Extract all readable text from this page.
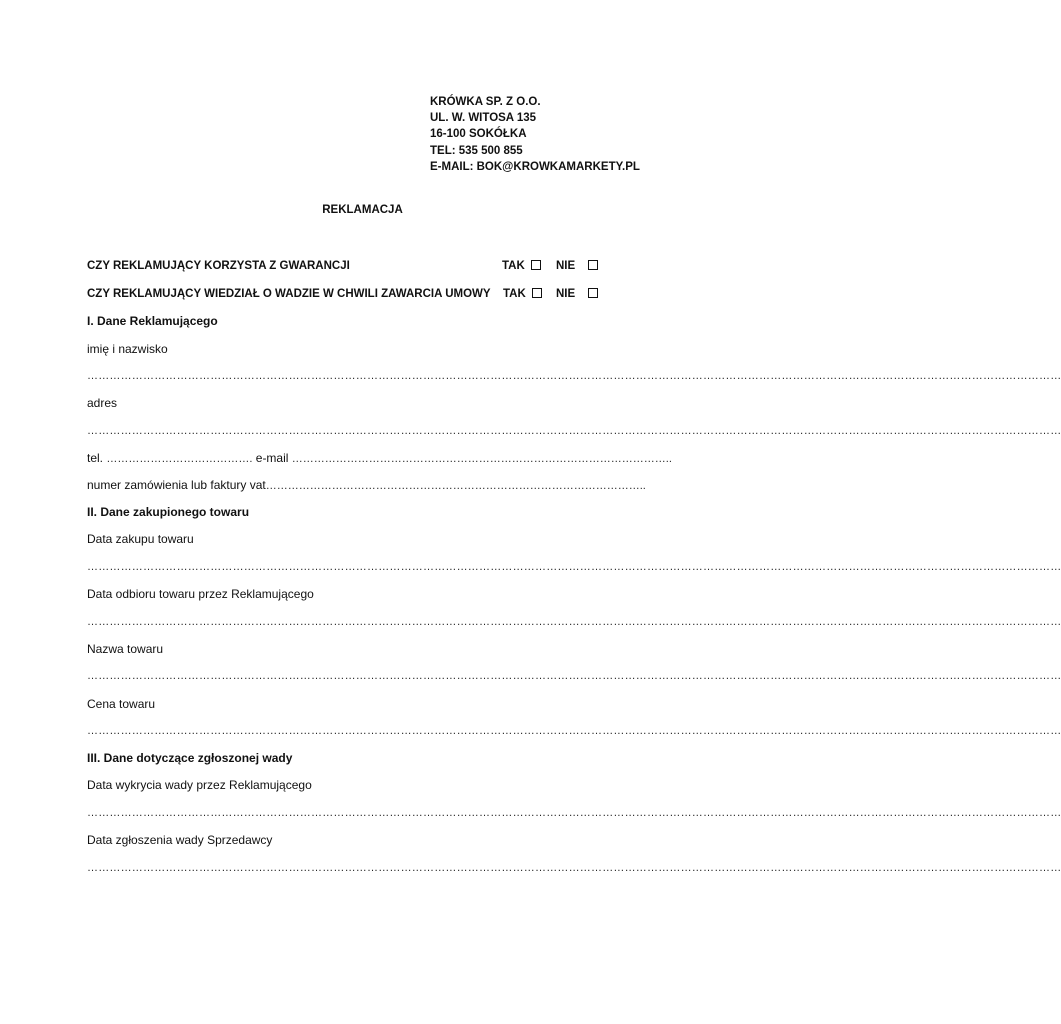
KRÓWKA SP. Z O.O.
UL. W. WITOSA 135
16-100 SOKÓŁKA
TEL: 535 500 855
E-MAIL: BOK@KROWKAMARKETY.PL
REKLAMACJA
CZY REKLAMUJĄCY KORZYSTA Z GWARANCJI	TAK	NIE
CZY REKLAMUJĄCY WIEDZIAŁ O WADZIE W CHWILI ZAWARCIA UMOWY TAK	NIE
I. Dane Reklamującego
imię i nazwisko
………………………………………………………………………………………………………………………………………………………………………………………………………………………………………
adres
………………………………………………………………………………………………………………………………………………………………………………………………………………………………………
tel. …………………………………. e-mail …………………………………………………………………………………………..
numer zamówienia lub faktury vat…………………………………………………………………………………………..
II. Dane zakupionego towaru
Data zakupu towaru
………………………………………………………………………………………………………………………………………………………………………………………………………………………………………
Data odbioru towaru przez Reklamującego
………………………………………………………………………………………………………………………………………………………………………………………………………………………………………
Nazwa towaru
………………………………………………………………………………………………………………………………………………………………………………………………………………………………………
Cena towaru
………………………………………………………………………………………………………………………………………………………………………………………………………………………………………
III. Dane dotyczące zgłoszonej wady
Data wykrycia wady przez Reklamującego
………………………………………………………………………………………………………………………………………………………………………………………………………………………………………
Data zgłoszenia wady Sprzedawcy
………………………………………………………………………………………………………………………………………………………………………………………………………………………………………
